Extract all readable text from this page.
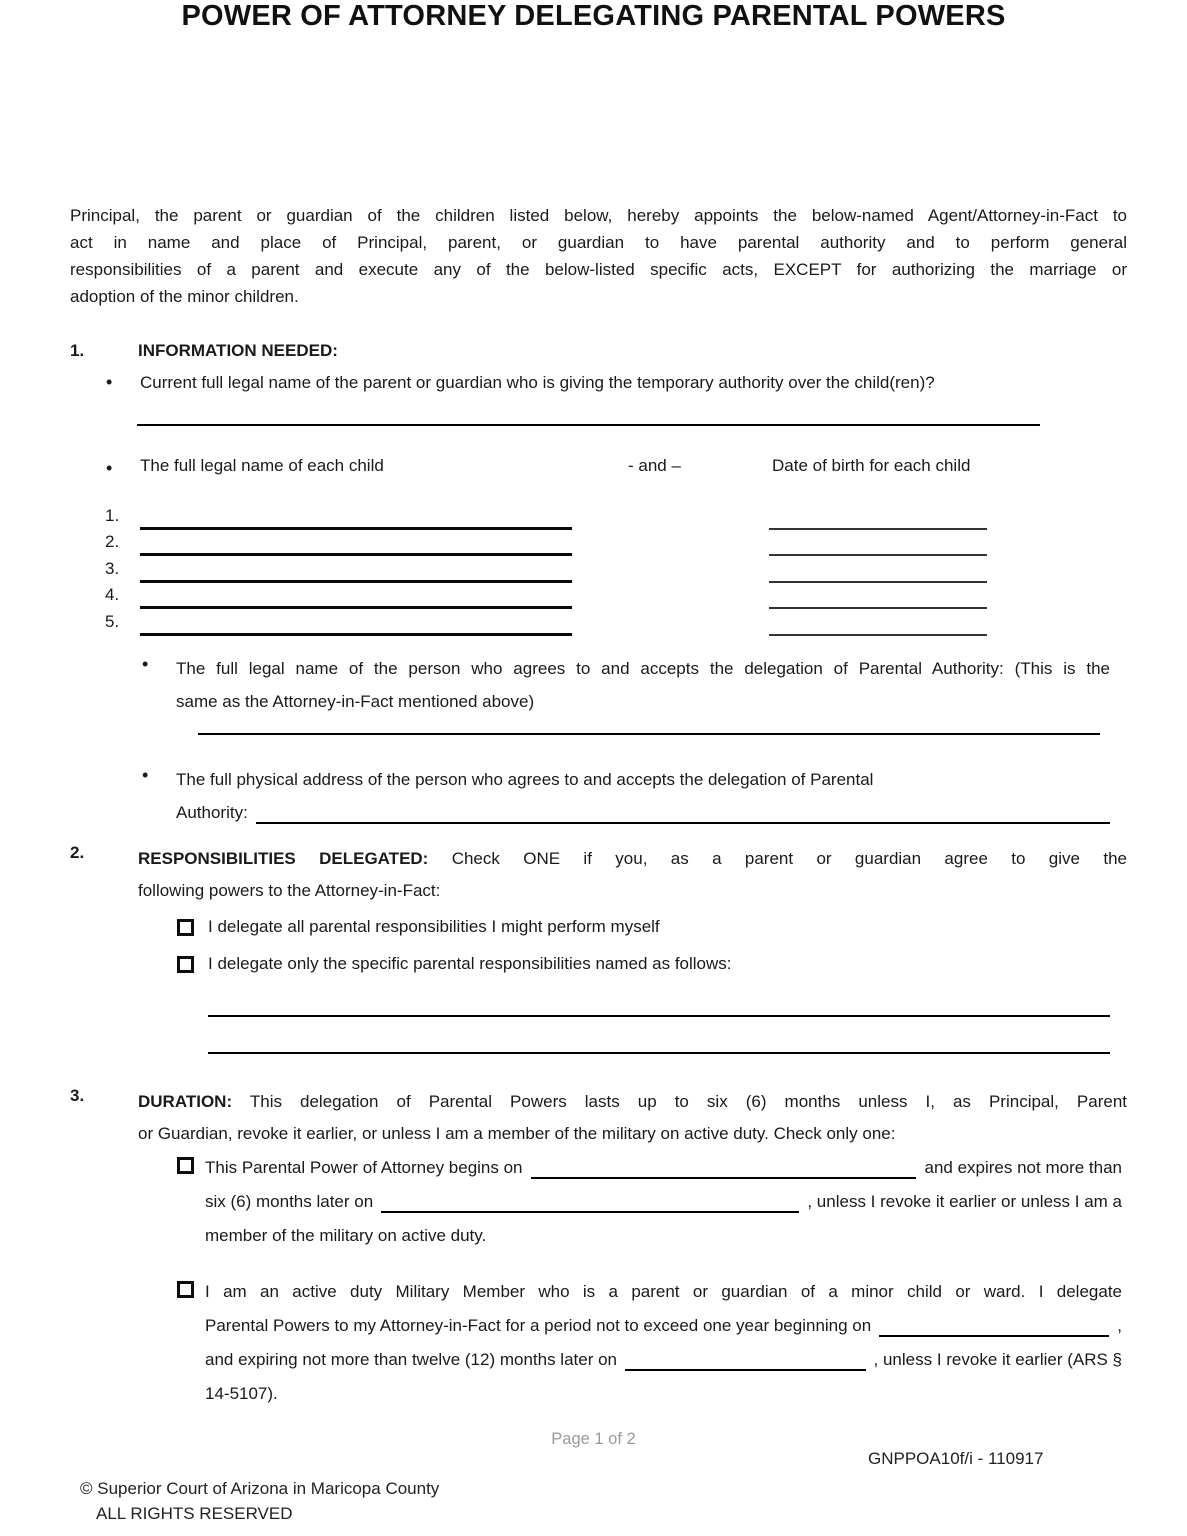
POWER OF ATTORNEY DELEGATING PARENTAL POWERS
Principal, the parent or guardian of the children listed below, hereby appoints the below-named Agent/Attorney-in-Fact to
act in name and place of Principal, parent, or guardian to have parental authority and to perform general
responsibilities of a parent and execute any of the below-listed specific acts, EXCEPT for authorizing the marriage or
adoption of the minor children.
1.	INFORMATION NEEDED:
•	Current full legal name of the parent or guardian who is giving the temporary authority over the child(ren)?
• The full legal name of each child	- and –	Date of birth for each child
1.
2.
3.
4.
5.
•	The full legal name of the person who agrees to and accepts the delegation of Parental Authority: (This is the
same as the Attorney-in-Fact mentioned above)
•	The full physical address of the person who agrees to and accepts the delegation of Parental
Authority:
2.	RESPONSIBILITIES DELEGATED: Check ONE if you, as a parent or guardian agree to give the
following powers to the Attorney-in-Fact:
I delegate all parental responsibilities I might perform myself
I delegate only the specific parental responsibilities named as follows:
3.	DURATION: This delegation of Parental Powers lasts up to six (6) months unless I, as Principal, Parent
or Guardian, revoke it earlier, or unless I am a member of the military on active duty. Check only one:
This Parental Power of Attorney begins on	and expires not more than
six (6) months later on	, unless I revoke it earlier or unless I am a
member of the military on active duty.
I am an active duty Military Member who is a parent or guardian of a minor child or ward. I delegate
Parental Powers to my Attorney-in-Fact for a period not to exceed one year beginning on	,
and expiring not more than twelve (12) months later on	, unless I revoke it earlier (ARS §
14-5107).
Page 1 of 2
GNPPOA10f/i - 110917
© Superior Court of Arizona in Maricopa County
ALL RIGHTS RESERVED
